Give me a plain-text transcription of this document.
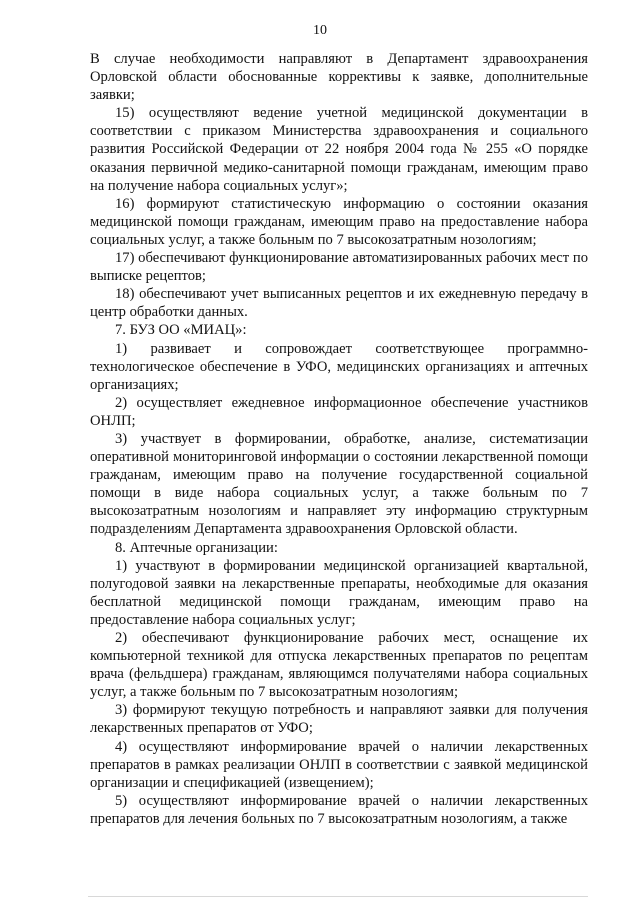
10

В случае необходимости направляют в Департамент здравоохранения Орловской области обоснованные коррективы к заявке, дополнительные заявки;

15) осуществляют ведение учетной медицинской документации в соответствии с приказом Министерства здравоохранения и социального развития Российской Федерации от 22 ноября 2004 года № 255 «О порядке оказания первичной медико-санитарной помощи гражданам, имеющим право на получение набора социальных услуг»;

16) формируют статистическую информацию о состоянии оказания медицинской помощи гражданам, имеющим право на предоставление набора социальных услуг, а также больным по 7 высокозатратным нозологиям;

17) обеспечивают функционирование автоматизированных рабочих мест по выписке рецептов;

18) обеспечивают учет выписанных рецептов и их ежедневную передачу в центр обработки данных.

7. БУЗ ОО «МИАЦ»:

1) развивает и сопровождает соответствующее программно-технологическое обеспечение в УФО, медицинских организациях и аптечных организациях;

2) осуществляет ежедневное информационное обеспечение участников ОНЛП;

3) участвует в формировании, обработке, анализе, систематизации оперативной мониторинговой информации о состоянии лекарственной помощи гражданам, имеющим право на получение государственной социальной помощи в виде набора социальных услуг, а также больным по 7 высокозатратным нозологиям и направляет эту информацию структурным подразделениям Департамента здравоохранения Орловской области.

8. Аптечные организации:

1) участвуют в формировании медицинской организацией квартальной, полугодовой заявки на лекарственные препараты, необходимые для оказания бесплатной медицинской помощи гражданам, имеющим право на предоставление набора социальных услуг;

2) обеспечивают функционирование рабочих мест, оснащение их компьютерной техникой для отпуска лекарственных препаратов по рецептам врача (фельдшера) гражданам, являющимся получателями набора социальных услуг, а также больным по 7 высокозатратным нозологиям;

3) формируют текущую потребность и направляют заявки для получения лекарственных препаратов от УФО;

4) осуществляют информирование врачей о наличии лекарственных препаратов в рамках реализации ОНЛП в соответствии с заявкой медицинской организации и спецификацией (извещением);

5) осуществляют информирование врачей о наличии лекарственных препаратов для лечения больных по 7 высокозатратным нозологиям, а также
